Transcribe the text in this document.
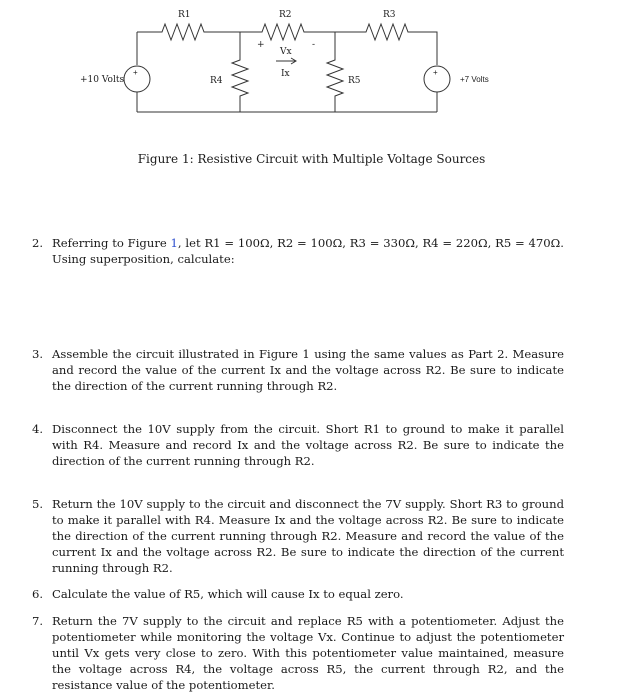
+	+
R1	R2	R3
R4	R5
+
Vx
-
Ix
+10 Volts	+7 Volts
Figure 1: Resistive Circuit with Multiple Voltage Sources
2. Referring to Figure 1, let R1 = 100Ω, R2 = 100Ω, R3 = 330Ω, R4 = 220Ω, R5 = 470Ω. Using superposition, calculate:
3. Assemble the circuit illustrated in Figure 1 using the same values as Part 2. Measure and record the value of the current Ix and the voltage across R2. Be sure to indicate the direction of the current running through R2.
4. Disconnect the 10V supply from the circuit. Short R1 to ground to make it parallel with R4. Measure and record Ix and the voltage across R2. Be sure to indicate the direction of the current running through R2.
5. Return the 10V supply to the circuit and disconnect the 7V supply. Short R3 to ground to make it parallel with R4. Measure Ix and the voltage across R2. Be sure to indicate the direction of the current running through R2. Measure and record the value of the current Ix and the voltage across R2. Be sure to indicate the direction of the current running through R2.
6. Calculate the value of R5, which will cause Ix to equal zero.
7. Return the 7V supply to the circuit and replace R5 with a potentiometer. Adjust the potentiometer while monitoring the voltage Vx. Continue to adjust the potentiometer until Vx gets very close to zero. With this potentiometer value maintained, measure the voltage across R4, the voltage across R5, the current through R2, and the resistance value of the potentiometer.
